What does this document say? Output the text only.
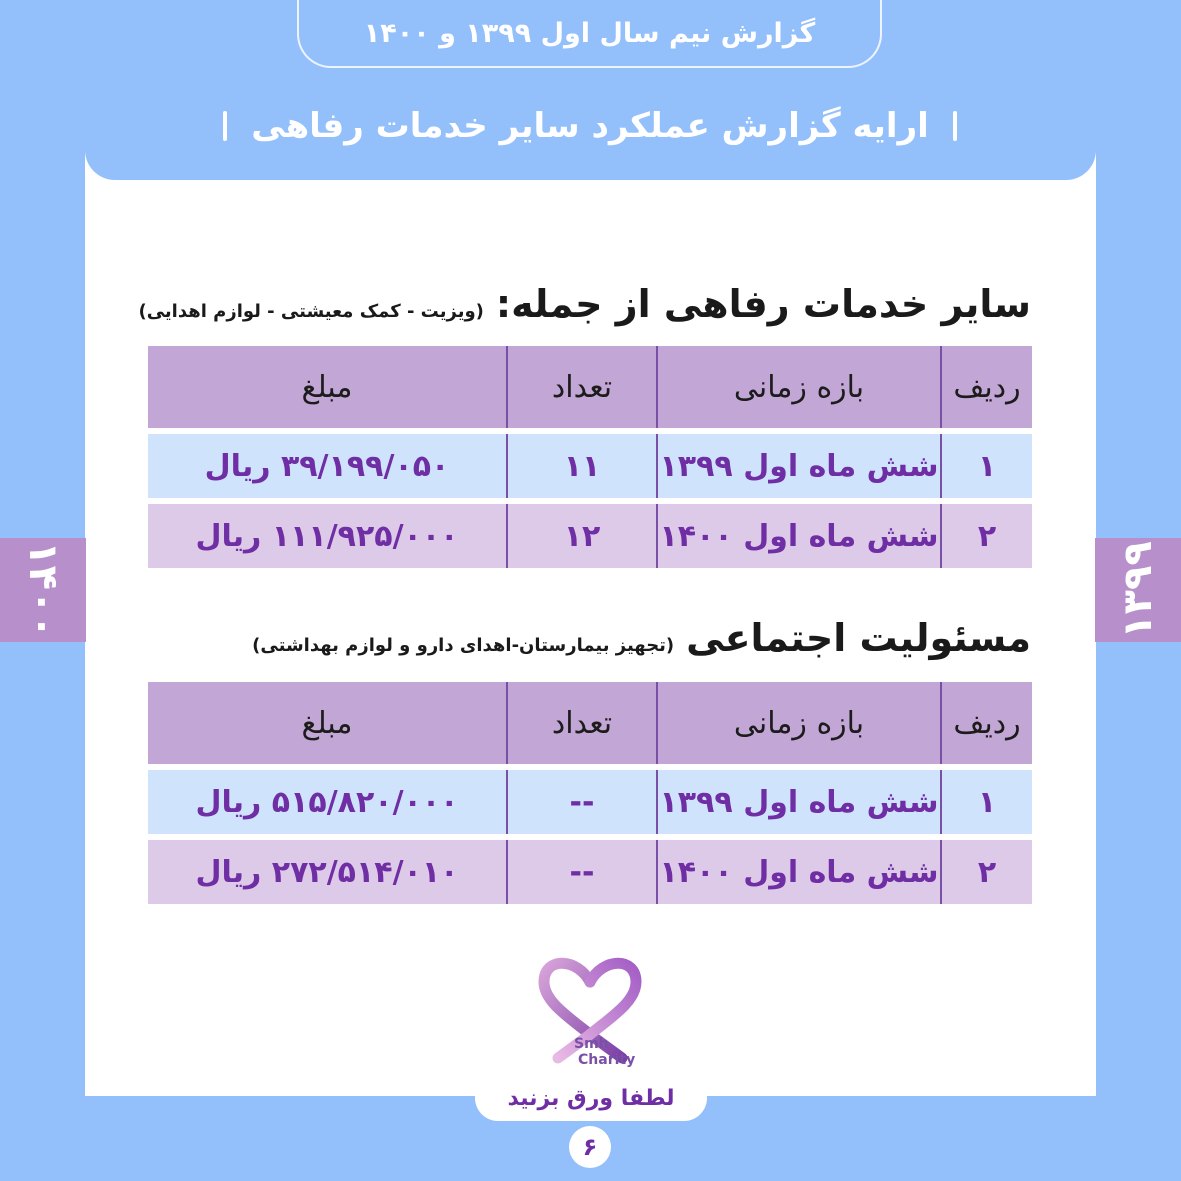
گزارش نیم سال اول ۱۳۹۹ و ۱۴۰۰
ارایه گزارش عملکرد سایر خدمات رفاهی
۱۴۰۰	۱۳۹۹
سایر خدمات رفاهی از جمله:
(ویزیت - کمک معیشتی - لوازم اهدایی)
ردیف
بازه زمانی
تعداد
مبلغ
۱
شش ماه اول ۱۳۹۹
۱۱
۳۹/۱۹۹/۰۵۰ ریال
۲
شش ماه اول ۱۴۰۰
۱۲
۱۱۱/۹۲۵/۰۰۰ ریال
مسئولیت اجتماعی
(تجهیز بیمارستان-اهدای دارو و لوازم بهداشتی)
ردیف
بازه زمانی
تعداد
مبلغ
۱
شش ماه اول ۱۳۹۹
--
۵۱۵/۸۲۰/۰۰۰ ریال
۲
شش ماه اول ۱۴۰۰
--
۲۷۲/۵۱۴/۰۱۰ ریال
Smh
Charity
لطفا ورق بزنید
۶
